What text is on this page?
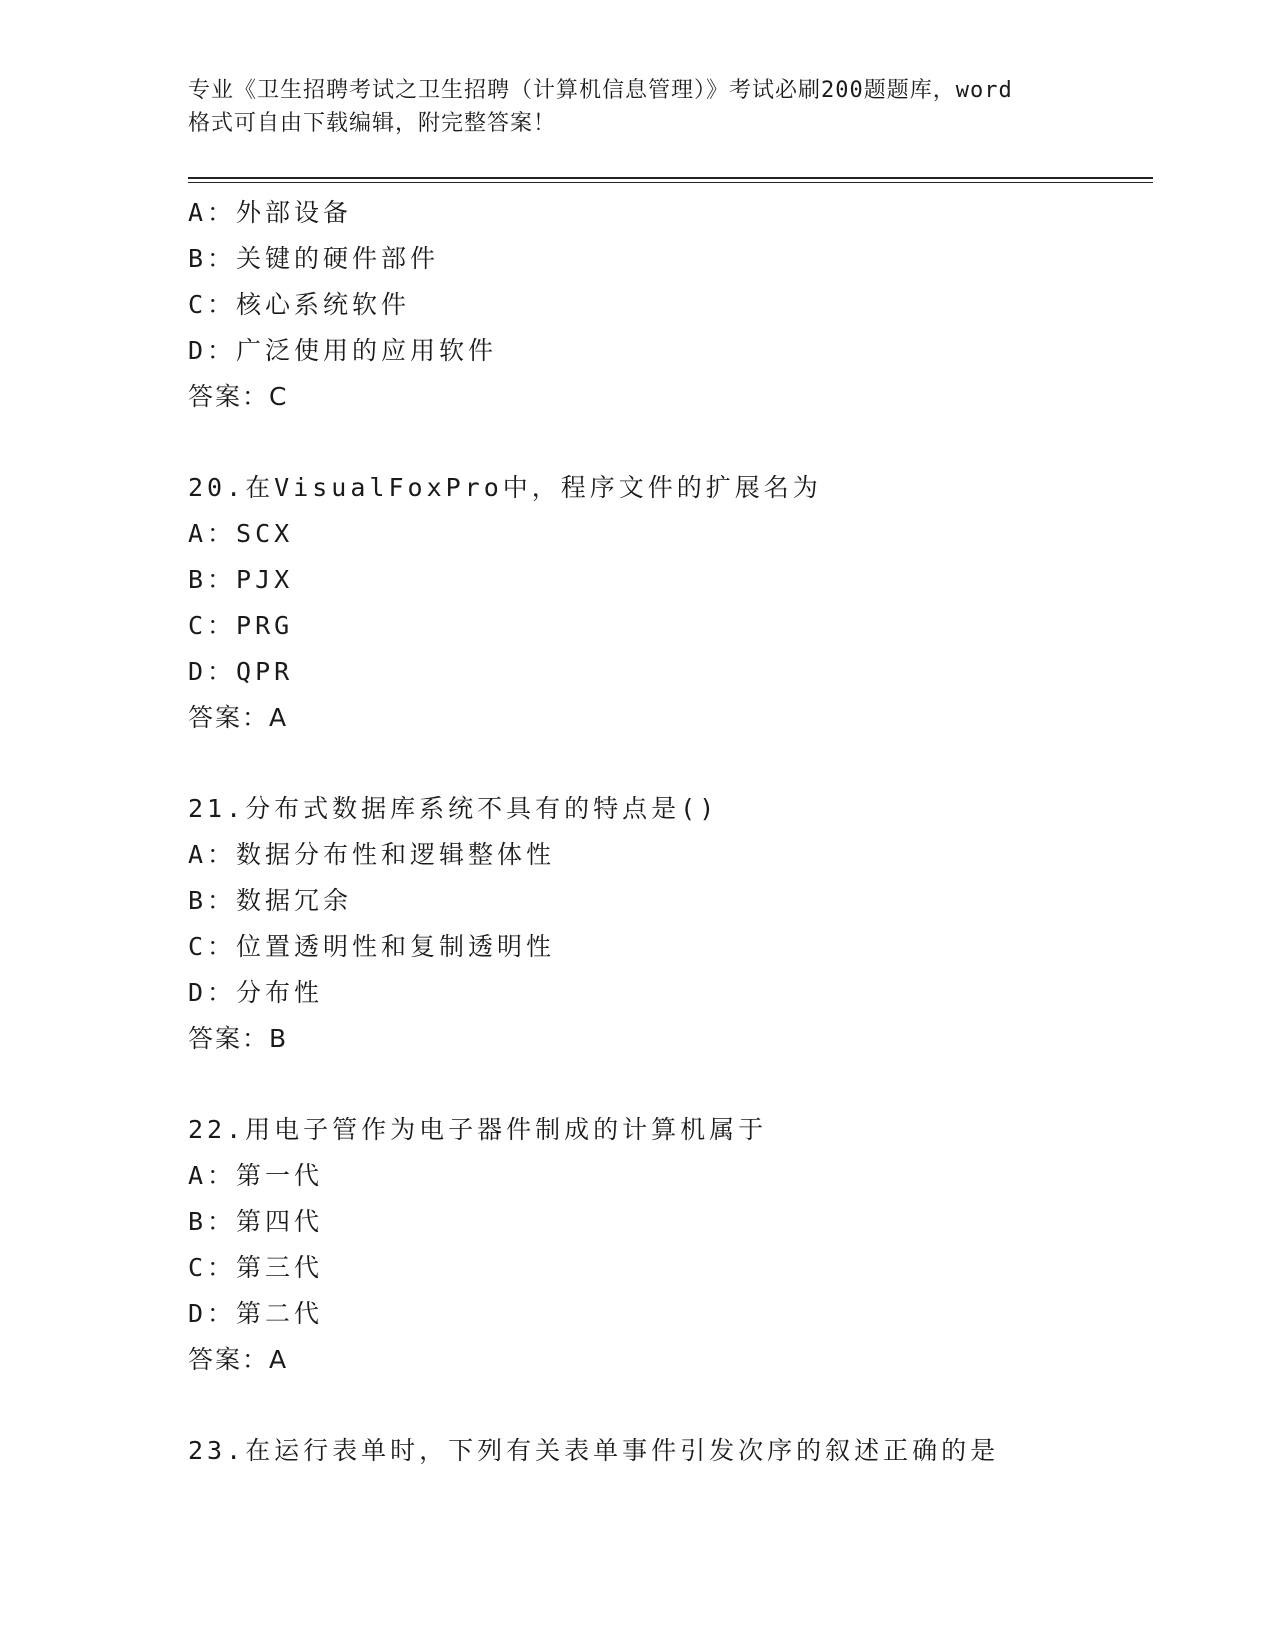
专业《卫生招聘考试之卫生招聘（计算机信息管理）》考试必刷200题题库，word
格式可自由下载编辑，附完整答案！
A：外部设备
B：关键的硬件部件
C：核心系统软件
D：广泛使用的应用软件
答案：C
20.在VisualFoxPro中，程序文件的扩展名为
A：SCX
B：PJX
C：PRG
D：QPR
答案：A
21.分布式数据库系统不具有的特点是()
A：数据分布性和逻辑整体性
B：数据冗余
C：位置透明性和复制透明性
D：分布性
答案：B
22.用电子管作为电子器件制成的计算机属于
A：第一代
B：第四代
C：第三代
D：第二代
答案：A
23.在运行表单时，下列有关表单事件引发次序的叙述正确的是
